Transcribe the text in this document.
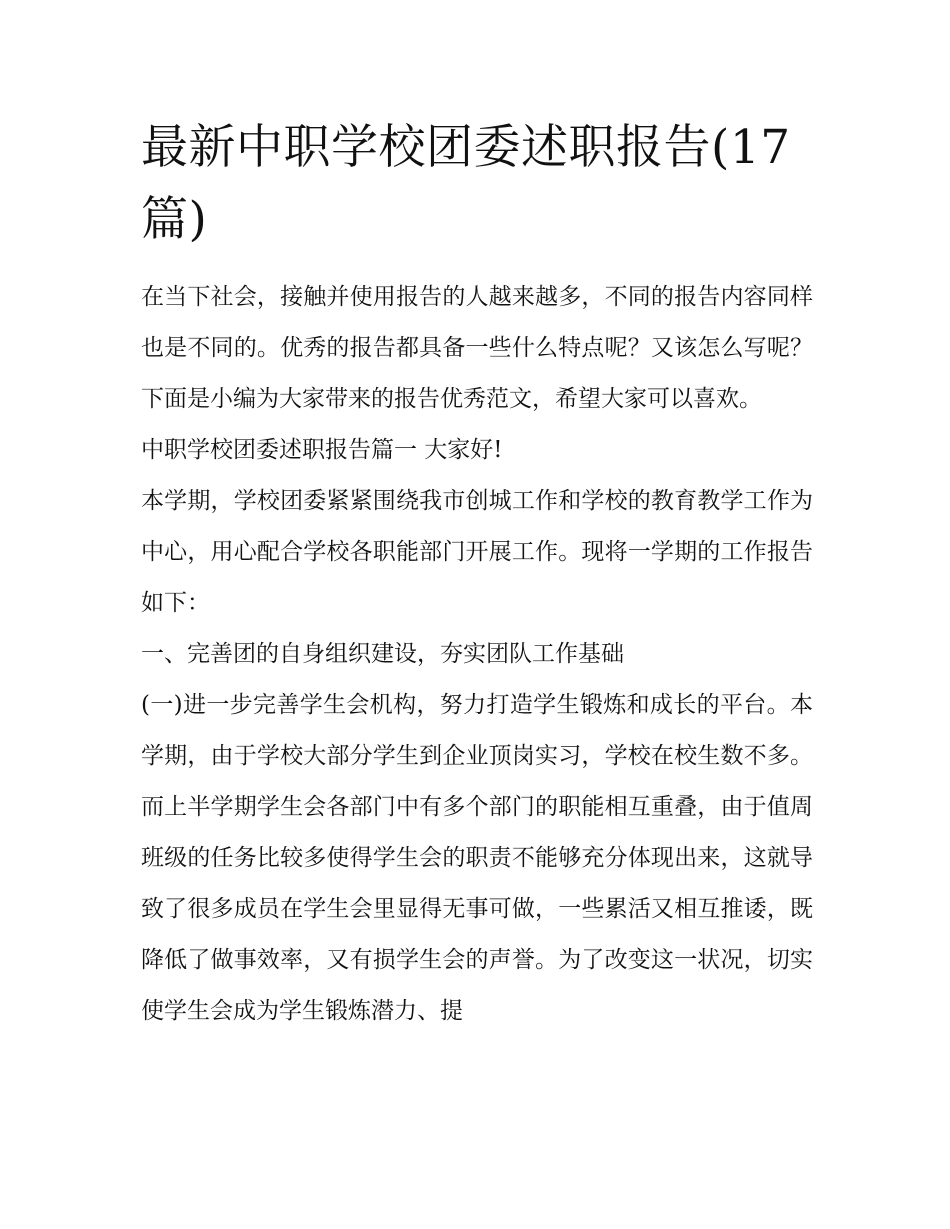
最新中职学校团委述职报告(17篇)

在当下社会，接触并使用报告的人越来越多，不同的报告内容同样也是不同的。优秀的报告都具备一些什么特点呢？又该怎么写呢？下面是小编为大家带来的报告优秀范文，希望大家可以喜欢。

中职学校团委述职报告篇一 大家好!

本学期，学校团委紧紧围绕我市创城工作和学校的教育教学工作为中心，用心配合学校各职能部门开展工作。现将一学期的工作报告如下：

一、完善团的自身组织建设，夯实团队工作基础

(一)进一步完善学生会机构，努力打造学生锻炼和成长的平台。本学期，由于学校大部分学生到企业顶岗实习，学校在校生数不多。而上半学期学生会各部门中有多个部门的职能相互重叠，由于值周班级的任务比较多使得学生会的职责不能够充分体现出来，这就导致了很多成员在学生会里显得无事可做，一些累活又相互推诿，既降低了做事效率，又有损学生会的声誉。为了改变这一状况，切实使学生会成为学生锻炼潜力、提
